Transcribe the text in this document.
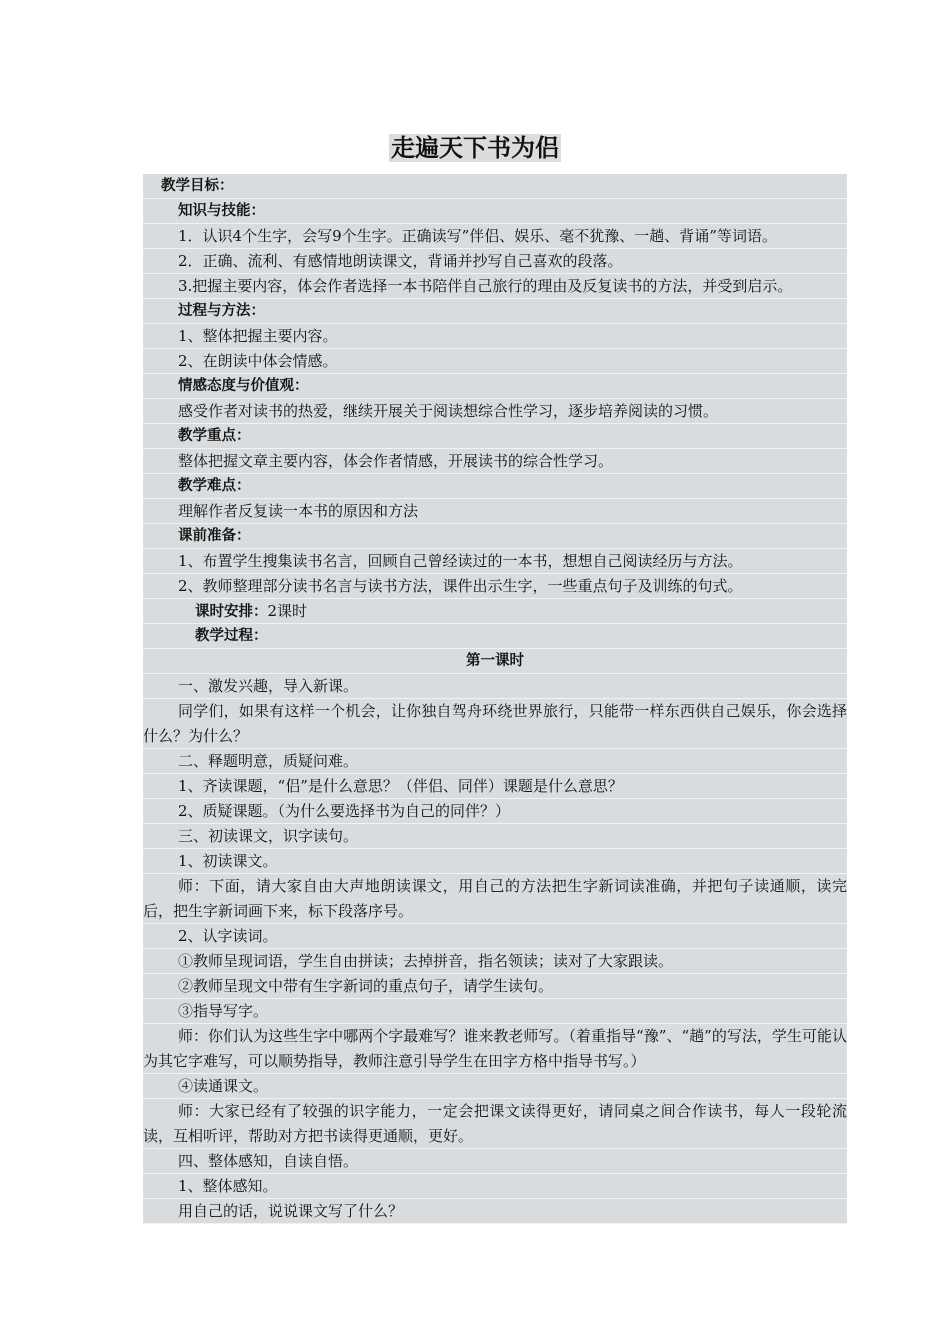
走遍天下书为侣
教学目标：
知识与技能：
1．认识4个生字，会写9个生字。正确读写”伴侣、娱乐、毫不犹豫、一趟、背诵”等词语。
2．正确、流利、有感情地朗读课文，背诵并抄写自己喜欢的段落。
3.把握主要内容，体会作者选择一本书陪伴自己旅行的理由及反复读书的方法，并受到启示。
过程与方法：
1、整体把握主要内容。
2、在朗读中体会情感。
情感态度与价值观：
感受作者对读书的热爱，继续开展关于阅读想综合性学习，逐步培养阅读的习惯。
教学重点：
整体把握文章主要内容，体会作者情感，开展读书的综合性学习。
教学难点：
理解作者反复读一本书的原因和方法
课前准备：
1、布置学生搜集读书名言，回顾自己曾经读过的一本书，想想自己阅读经历与方法。
2、教师整理部分读书名言与读书方法，课件出示生字，一些重点句子及训练的句式。
课时安排：2课时
教学过程：
第一课时
一、激发兴趣，导入新课。
同学们，如果有这样一个机会，让你独自驾舟环绕世界旅行，只能带一样东西供自己娱乐，你会选择什么？为什么？
二、释题明意，质疑问难。
1、齐读课题，“侣”是什么意思？（伴侣、同伴）课题是什么意思？
2、质疑课题。（为什么要选择书为自己的同伴？）
三、初读课文，识字读句。
1、初读课文。
师：下面，请大家自由大声地朗读课文，用自己的方法把生字新词读准确，并把句子读通顺，读完后，把生字新词画下来，标下段落序号。
2、认字读词。
①教师呈现词语，学生自由拼读；去掉拼音，指名领读；读对了大家跟读。
②教师呈现文中带有生字新词的重点句子，请学生读句。
③指导写字。
师：你们认为这些生字中哪两个字最难写？谁来教老师写。（着重指导“豫”、“趟”的写法，学生可能认为其它字难写，可以顺势指导，教师注意引导学生在田字方格中指导书写。）
④读通课文。
师：大家已经有了较强的识字能力，一定会把课文读得更好，请同桌之间合作读书，每人一段轮流读，互相听评，帮助对方把书读得更通顺，更好。
四、整体感知，自读自悟。
1、整体感知。
用自己的话，说说课文写了什么？
